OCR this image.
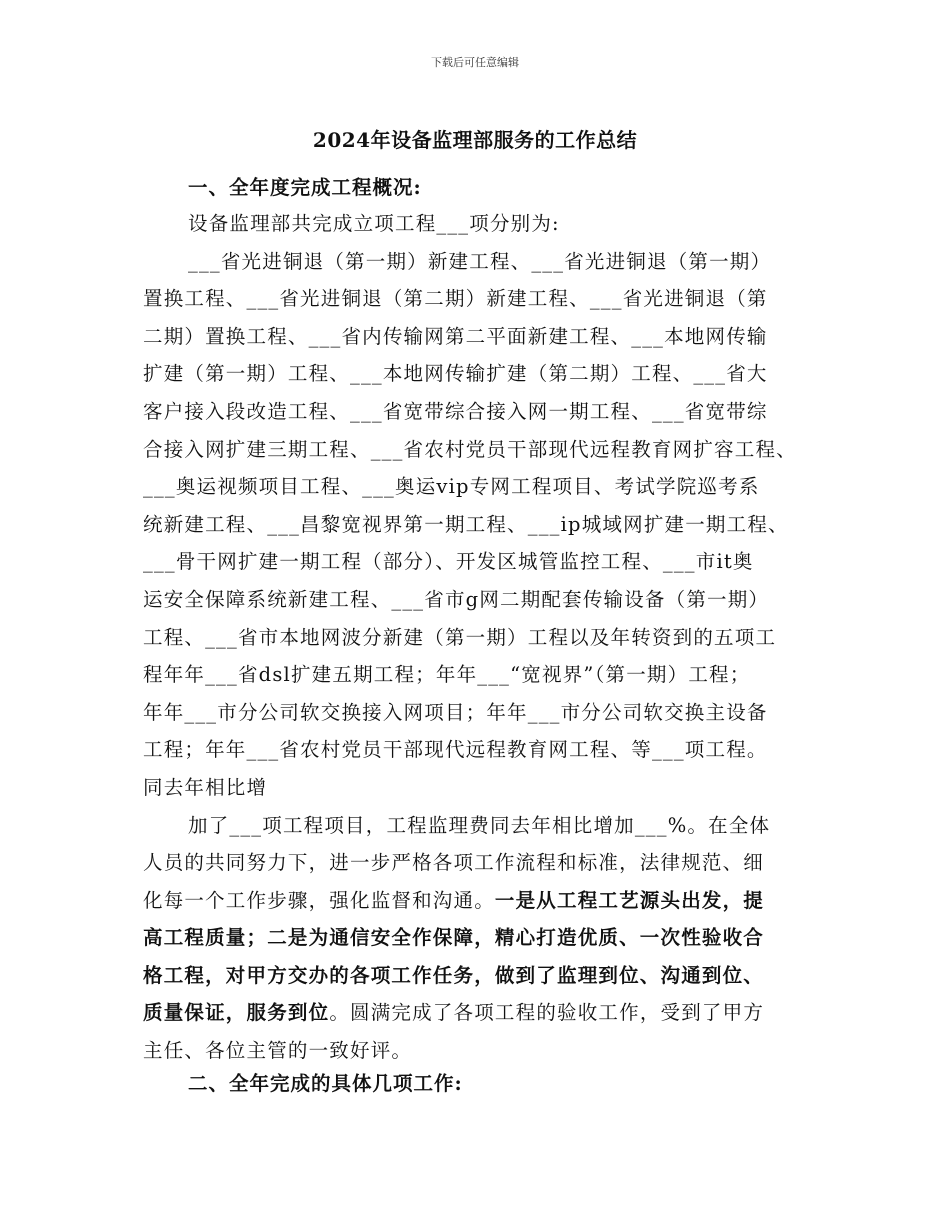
下载后可任意编辑
2024年设备监理部服务的工作总结
一、全年度完成工程概况:
设备监理部共完成立项工程___项分别为:
___省光进铜退（第一期）新建工程、___省光进铜退（第一期）
置换工程、___省光进铜退（第二期）新建工程、___省光进铜退（第
二期）置换工程、___省内传输网第二平面新建工程、___本地网传输
扩建（第一期）工程、___本地网传输扩建（第二期）工程、___省大
客户接入段改造工程、___省宽带综合接入网一期工程、___省宽带综
合接入网扩建三期工程、___省农村党员干部现代远程教育网扩容工程、
___奥运视频项目工程、___奥运vip专网工程项目、考试学院巡考系
统新建工程、___昌黎宽视界第一期工程、___ip城域网扩建一期工程、
___骨干网扩建一期工程（部分）、开发区城管监控工程、___市it奥
运安全保障系统新建工程、___省市g网二期配套传输设备（第一期）
工程、___省市本地网波分新建（第一期）工程以及年转资到的五项工
程年年___省dsl扩建五期工程；年年___“宽视界”（第一期）工程；
年年___市分公司软交换接入网项目；年年___市分公司软交换主设备
工程；年年___省农村党员干部现代远程教育网工程、等___项工程。
同去年相比增
加了___项工程项目，工程监理费同去年相比增加___%。在全体
人员的共同努力下，进一步严格各项工作流程和标准，法律规范、细
化每一个工作步骤，强化监督和沟通。一是从工程工艺源头出发，提
高工程质量；二是为通信安全作保障，精心打造优质、一次性验收合
格工程，对甲方交办的各项工作任务，做到了监理到位、沟通到位、
质量保证，服务到位。圆满完成了各项工程的验收工作，受到了甲方
主任、各位主管的一致好评。
二、全年完成的具体几项工作:
